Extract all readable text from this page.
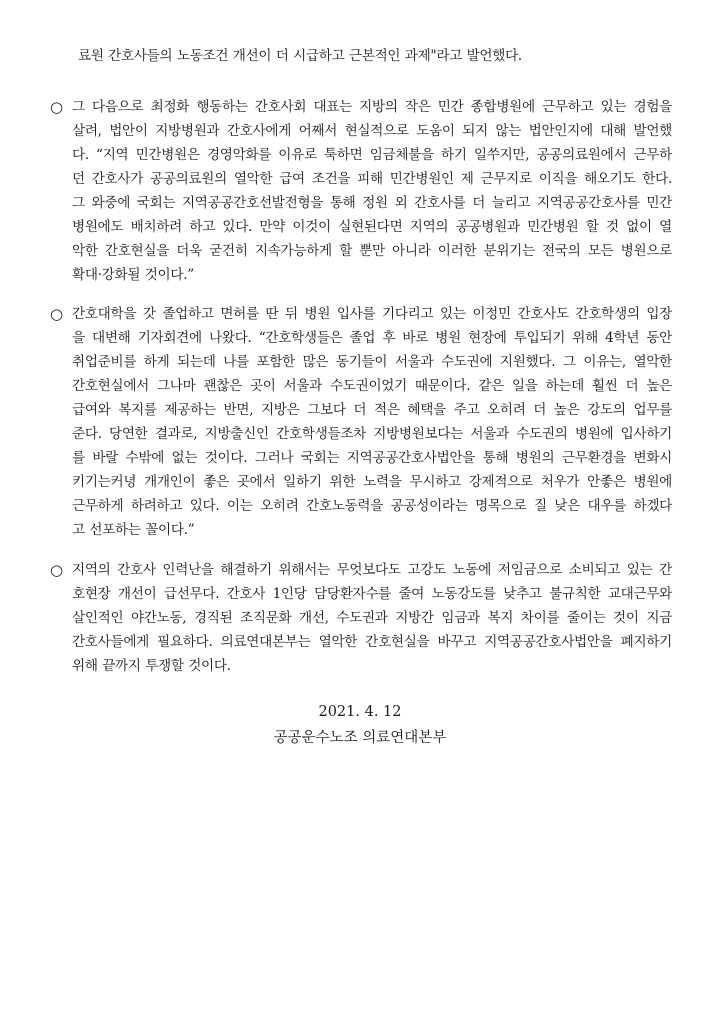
료원 간호사들의 노동조건 개선이 더 시급하고 근본적인 과제"라고 발언했다.
○ 그 다음으로 최정화 행동하는 간호사회 대표는 지방의 작은 민간 종합병원에 근무하고 있는 경험을
살려, 법안이 지방병원과 간호사에게 어째서 현실적으로 도움이 되지 않는 법안인지에 대해 발언했
다. “지역 민간병원은 경영악화를 이유로 툭하면 임금체불을 하기 일쑤지만, 공공의료원에서 근무하
던 간호사가 공공의료원의 열악한 급여 조건을 피해 민간병원인 제 근무지로 이직을 해오기도 한다.
그 와중에 국회는 지역공공간호선발전형을 통해 정원 외 간호사를 더 늘리고 지역공공간호사를 민간
병원에도 배치하려 하고 있다. 만약 이것이 실현된다면 지역의 공공병원과 민간병원 할 것 없이 열
악한 간호현실을 더욱 굳건히 지속가능하게 할 뿐만 아니라 이러한 분위기는 전국의 모든 병원으로
확대·강화될 것이다.”
○ 간호대학을 갓 졸업하고 면허를 딴 뒤 병원 입사를 기다리고 있는 이정민 간호사도 간호학생의 입장
을 대변해 기자회견에 나왔다. “간호학생들은 졸업 후 바로 병원 현장에 투입되기 위해 4학년 동안
취업준비를 하게 되는데 나를 포함한 많은 동기들이 서울과 수도권에 지원했다. 그 이유는, 열악한
간호현실에서 그나마 괜찮은 곳이 서울과 수도권이었기 때문이다. 같은 일을 하는데 훨씬 더 높은
급여와 복지를 제공하는 반면, 지방은 그보다 더 적은 혜택을 주고 오히려 더 높은 강도의 업무를
준다. 당연한 결과로, 지방출신인 간호학생들조차 지방병원보다는 서울과 수도권의 병원에 입사하기
를 바랄 수밖에 없는 것이다. 그러나 국회는 지역공공간호사법안을 통해 병원의 근무환경을 변화시
키기는커녕 개개인이 좋은 곳에서 일하기 위한 노력을 무시하고 강제적으로 처우가 안좋은 병원에
근무하게 하려하고 있다. 이는 오히려 간호노동력을 공공성이라는 명목으로 질 낮은 대우를 하겠다
고 선포하는 꼴이다.”
○ 지역의 간호사 인력난을 해결하기 위해서는 무엇보다도 고강도 노동에 저임금으로 소비되고 있는 간
호현장 개선이 급선무다. 간호사 1인당 담당환자수를 줄여 노동강도를 낮추고 불규칙한 교대근무와
살인적인 야간노동, 경직된 조직문화 개선, 수도권과 지방간 임금과 복지 차이를 줄이는 것이 지금
간호사들에게 필요하다. 의료연대본부는 열악한 간호현실을 바꾸고 지역공공간호사법안을 폐지하기
위해 끝까지 투쟁할 것이다.
2021. 4. 12
공공운수노조 의료연대본부
